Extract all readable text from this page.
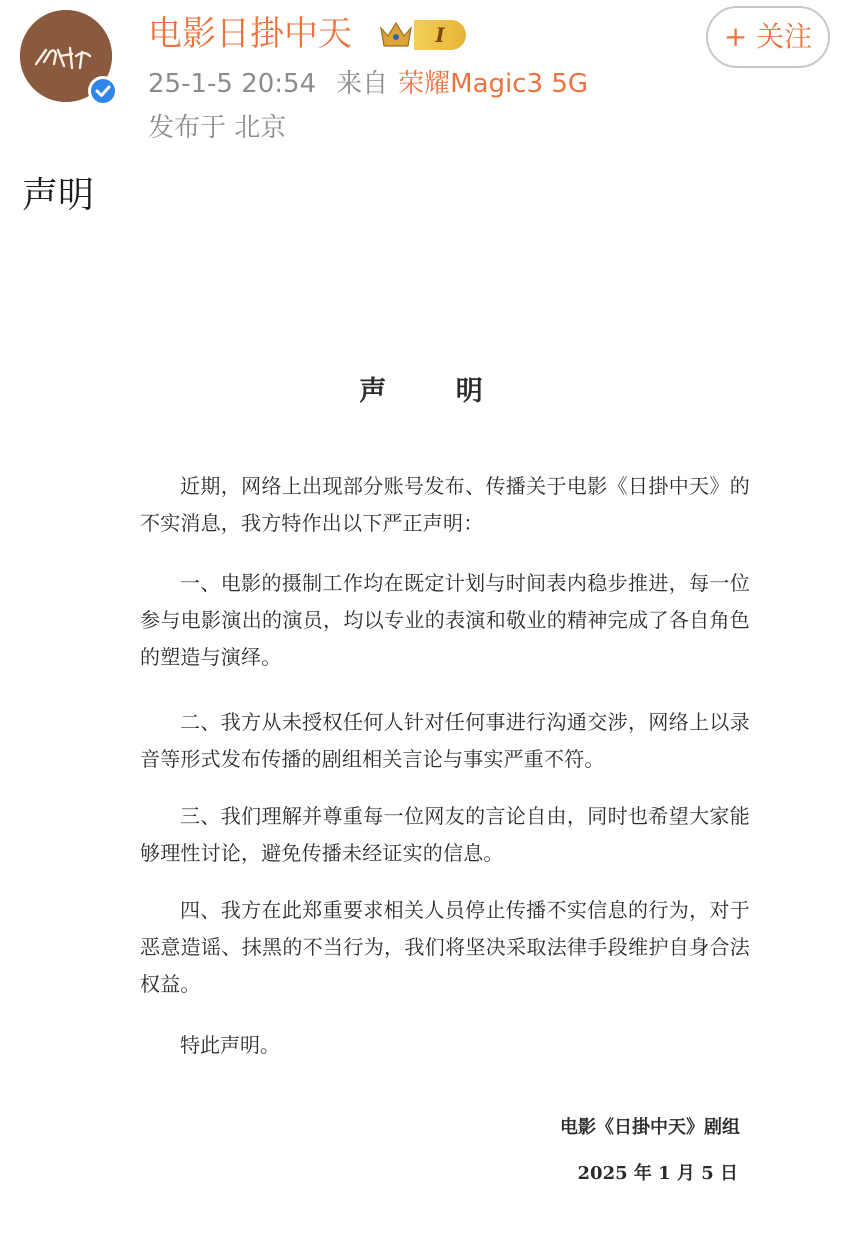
电影日掛中天	I
25-1-5 20:54 来自 荣耀Magic3 5G
发布于 北京
+ 关注
声明
声 明

近期，网络上出现部分账号发布、传播关于电影《日掛中天》的不实消息，我方特作出以下严正声明：

一、电影的摄制工作均在既定计划与时间表内稳步推进，每一位参与电影演出的演员，均以专业的表演和敬业的精神完成了各自角色的塑造与演绎。

二、我方从未授权任何人针对任何事进行沟通交涉，网络上以录音等形式发布传播的剧组相关言论与事实严重不符。

三、我们理解并尊重每一位网友的言论自由，同时也希望大家能够理性讨论，避免传播未经证实的信息。

四、我方在此郑重要求相关人员停止传播不实信息的行为，对于恶意造谣、抹黑的不当行为，我们将坚决采取法律手段维护自身合法权益。

特此声明。
电影《日掛中天》剧组
2025 年 1 月 5 日
